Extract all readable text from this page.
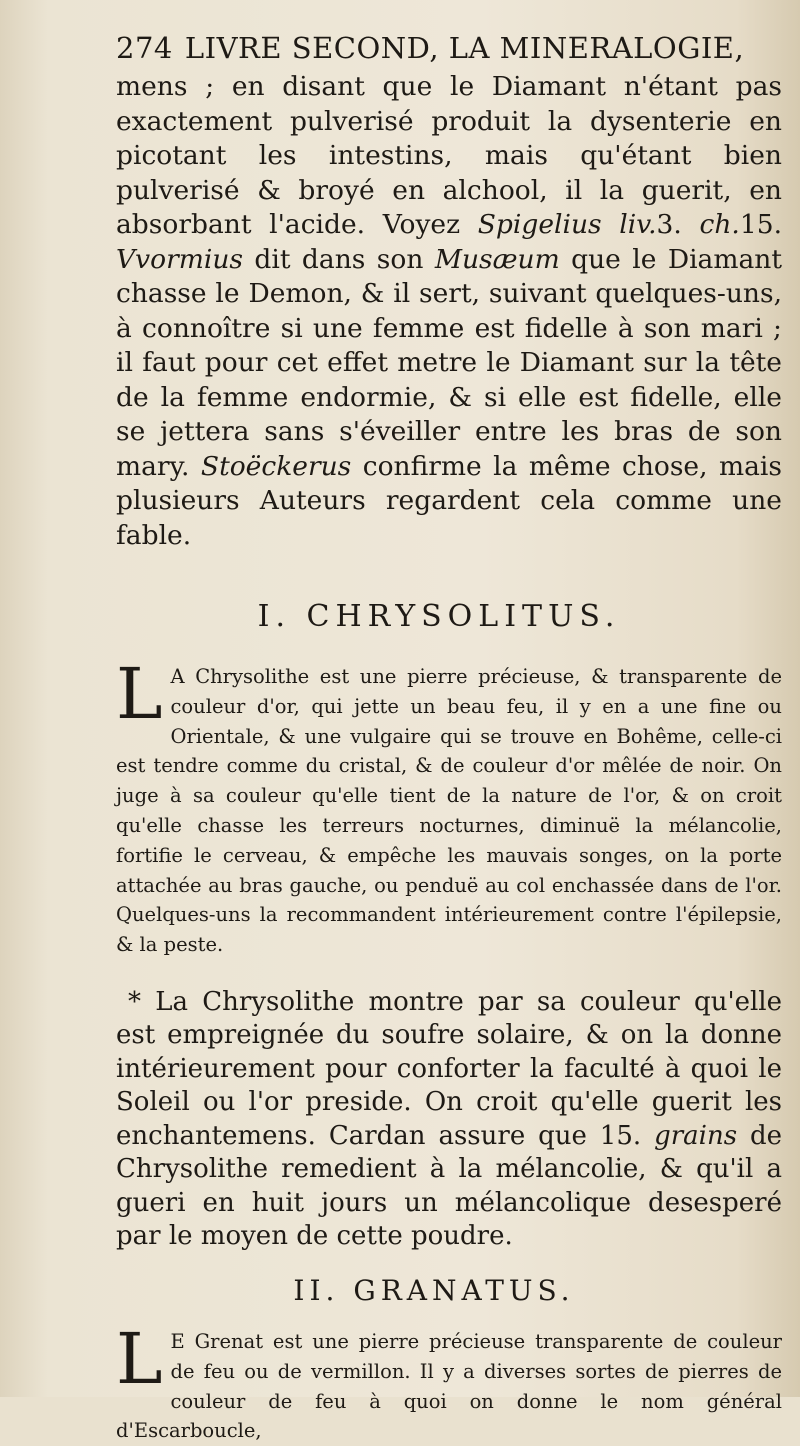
274 LIVRE SECOND, LA MINERALOGIE,

mens ; en disant que le Diamant n'étant pas exactement pulverisé produit la dysenterie en picotant les intestins, mais qu'étant bien pulverisé & broyé en alchool, il la guerit, en absorbant l'acide. Voyez Spigelius liv.3. ch.15. Vvormius dit dans son Musæum que le Diamant chasse le Demon, & il sert, suivant quelques-uns, à connoître si une femme est fidelle à son mari ; il faut pour cet effet metre le Diamant sur la tête de la femme endormie, & si elle est fidelle, elle se jettera sans s'éveiller entre les bras de son mary. Stoëckerus confirme la même chose, mais plusieurs Auteurs regardent cela comme une fable.

I. CHRYSOLITUS.

L A Chrysolithe est une pierre précieuse, & transparente de couleur d'or, qui jette un beau feu, il y en a une fine ou Orientale, & une vulgaire qui se trouve en Bohême, celle-ci est tendre comme du cristal, & de couleur d'or mêlée de noir. On juge à sa couleur qu'elle tient de la nature de l'or, & on croit qu'elle chasse les terreurs nocturnes, diminuë la mélancolie, fortifie le cerveau, & empêche les mauvais songes, on la porte attachée au bras gauche, ou penduë au col enchassée dans de l'or. Quelques-uns la recommandent intérieurement contre l'épilepsie, & la peste.

* La Chrysolithe montre par sa couleur qu'elle est empreignée du soufre solaire, & on la donne intérieurement pour conforter la faculté à quoi le Soleil ou l'or preside. On croit qu'elle guerit les enchantemens. Cardan assure que 15. grains de Chrysolithe remedient à la mélancolie, & qu'il a gueri en huit jours un mélancolique desesperé par le moyen de cette poudre.

II. GRANATUS.

L E Grenat est une pierre précieuse transparente de couleur de feu ou de vermillon. Il y a diverses sortes de pierres de couleur de feu à quoi on donne le nom général d'Escarboucle,
